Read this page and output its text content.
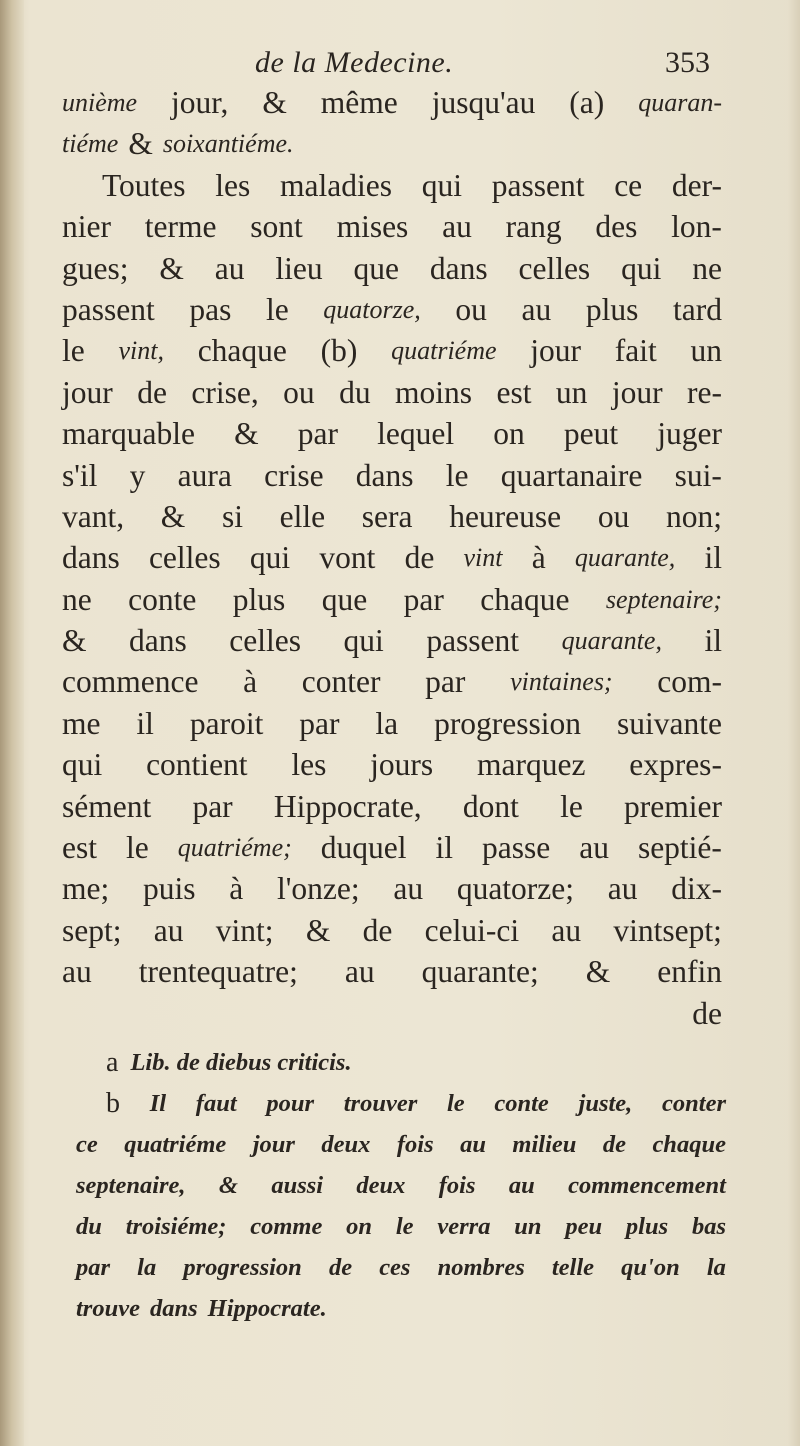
de la Medecine.	353
unième jour, & même jusqu'au (a) quaran-
tiéme & soixantiéme.
Toutes les maladies qui passent ce der-
nier terme sont mises au rang des lon-
gues; & au lieu que dans celles qui ne
passent pas le quatorze, ou au plus tard
le vint, chaque (b) quatriéme jour fait un
jour de crise, ou du moins est un jour re-
marquable & par lequel on peut juger
s'il y aura crise dans le quartanaire sui-
vant, & si elle sera heureuse ou non;
dans celles qui vont de vint à quarante, il
ne conte plus que par chaque septenaire;
& dans celles qui passent quarante, il
commence à conter par vintaines; com-
me il paroit par la progression suivante
qui contient les jours marquez expres-
sément par Hippocrate, dont le premier
est le quatriéme; duquel il passe au septié-
me; puis à l'onze; au quatorze; au dix-
sept; au vint; & de celui-ci au vintsept;
au trentequatre; au quarante; & enfin
de
a Lib. de diebus criticis.
b Il faut pour trouver le conte juste, conter
ce quatriéme jour deux fois au milieu de chaque
septenaire, & aussi deux fois au commencement
du troisiéme; comme on le verra un peu plus bas
par la progression de ces nombres telle qu'on la
trouve dans Hippocrate.
